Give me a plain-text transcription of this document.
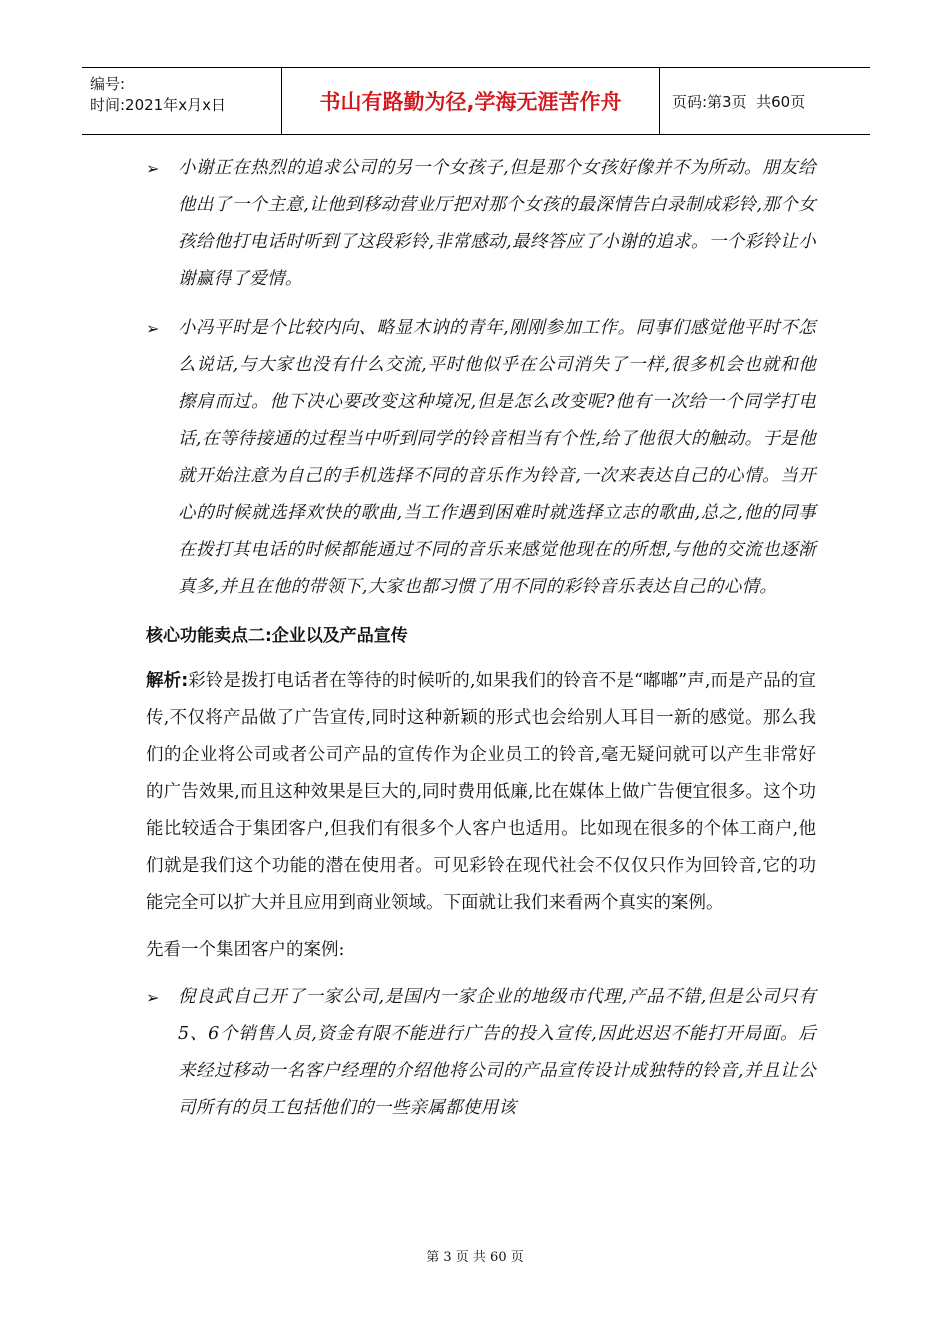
编号:
时间:2021年x月x日	书山有路勤为径,学海无涯苦作舟	页码:第3页  共60页
➢ 小谢正在热烈的追求公司的另一个女孩子,但是那个女孩好像并不为所动。朋友给他出了一个主意,让他到移动营业厅把对那个女孩的最深情告白录制成彩铃,那个女孩给他打电话时听到了这段彩铃,非常感动,最终答应了小谢的追求。一个彩铃让小谢赢得了爱情。

➢ 小冯平时是个比较内向、略显木讷的青年,刚刚参加工作。同事们感觉他平时不怎么说话,与大家也没有什么交流,平时他似乎在公司消失了一样,很多机会也就和他擦肩而过。他下决心要改变这种境况,但是怎么改变呢?他有一次给一个同学打电话,在等待接通的过程当中听到同学的铃音相当有个性,给了他很大的触动。于是他就开始注意为自己的手机选择不同的音乐作为铃音,一次来表达自己的心情。当开心的时候就选择欢快的歌曲,当工作遇到困难时就选择立志的歌曲,总之,他的同事在拨打其电话的时候都能通过不同的音乐来感觉他现在的所想,与他的交流也逐渐真多,并且在他的带领下,大家也都习惯了用不同的彩铃音乐表达自己的心情。

核心功能卖点二:企业以及产品宣传

解析:彩铃是拨打电话者在等待的时候听的,如果我们的铃音不是“嘟嘟”声,而是产品的宣传,不仅将产品做了广告宣传,同时这种新颖的形式也会给别人耳目一新的感觉。那么我们的企业将公司或者公司产品的宣传作为企业员工的铃音,毫无疑问就可以产生非常好的广告效果,而且这种效果是巨大的,同时费用低廉,比在媒体上做广告便宜很多。这个功能比较适合于集团客户,但我们有很多个人客户也适用。比如现在很多的个体工商户,他们就是我们这个功能的潜在使用者。可见彩铃在现代社会不仅仅只作为回铃音,它的功能完全可以扩大并且应用到商业领域。下面就让我们来看两个真实的案例。

先看一个集团客户的案例:

➢ 倪良武自己开了一家公司,是国内一家企业的地级市代理,产品不错,但是公司只有5、6个销售人员,资金有限不能进行广告的投入宣传,因此迟迟不能打开局面。后来经过移动一名客户经理的介绍他将公司的产品宣传设计成独特的铃音,并且让公司所有的员工包括他们的一些亲属都使用该

第 3 页 共 60 页
